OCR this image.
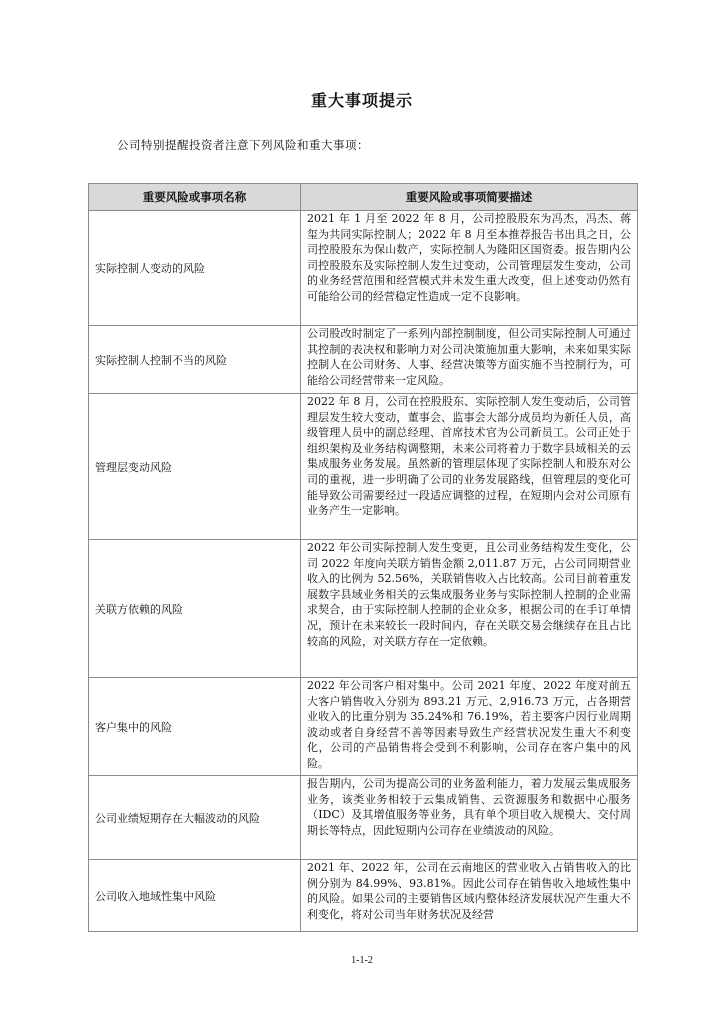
重大事项提示
公司特别提醒投资者注意下列风险和重大事项：
重要风险或事项名称	重要风险或事项简要描述
实际控制人变动的风险	2021 年 1 月至 2022 年 8 月，公司控股股东为冯杰，冯杰、蒋玺为共同实际控制人；2022 年 8 月至本推荐报告书出具之日，公司控股股东为保山数产，实际控制人为隆阳区国资委。报告期内公司控股股东及实际控制人发生过变动，公司管理层发生变动，公司的业务经营范围和经营模式并未发生重大改变，但上述变动仍然有可能给公司的经营稳定性造成一定不良影响。
实际控制人控制不当的风险	公司股改时制定了一系列内部控制制度，但公司实际控制人可通过其控制的表决权和影响力对公司决策施加重大影响，未来如果实际控制人在公司财务、人事、经营决策等方面实施不当控制行为，可能给公司经营带来一定风险。
管理层变动风险	2022 年 8 月，公司在控股股东、实际控制人发生变动后，公司管理层发生较大变动，董事会、监事会大部分成员均为新任人员，高级管理人员中的副总经理、首席技术官为公司新员工。公司正处于组织架构及业务结构调整期，未来公司将着力于数字县域相关的云集成服务业务发展。虽然新的管理层体现了实际控制人和股东对公司的重视，进一步明确了公司的业务发展路线，但管理层的变化可能导致公司需要经过一段适应调整的过程，在短期内会对公司原有业务产生一定影响。
关联方依赖的风险	2022 年公司实际控制人发生变更，且公司业务结构发生变化，公司 2022 年度向关联方销售金额 2,011.87 万元，占公司同期营业收入的比例为 52.56%，关联销售收入占比较高。公司目前着重发展数字县域业务相关的云集成服务业务与实际控制人控制的企业需求契合，由于实际控制人控制的企业众多，根据公司的在手订单情况，预计在未来较长一段时间内，存在关联交易会继续存在且占比较高的风险，对关联方存在一定依赖。
客户集中的风险	2022 年公司客户相对集中。公司 2021 年度、2022 年度对前五大客户销售收入分别为 893.21 万元、2,916.73 万元，占各期营业收入的比重分别为 35.24%和 76.19%，若主要客户因行业周期波动或者自身经营不善等因素导致生产经营状况发生重大不利变化，公司的产品销售将会受到不利影响，公司存在客户集中的风险。
公司业绩短期存在大幅波动的风险	报告期内，公司为提高公司的业务盈利能力，着力发展云集成服务业务，该类业务相较于云集成销售、云资源服务和数据中心服务（IDC）及其增值服务等业务，具有单个项目收入规模大、交付周期长等特点，因此短期内公司存在业绩波动的风险。
公司收入地域性集中风险	2021 年、2022 年，公司在云南地区的营业收入占销售收入的比例分别为 84.99%、93.81%。因此公司存在销售收入地域性集中的风险。如果公司的主要销售区域内整体经济发展状况产生重大不利变化，将对公司当年财务状况及经营
1-1-2
